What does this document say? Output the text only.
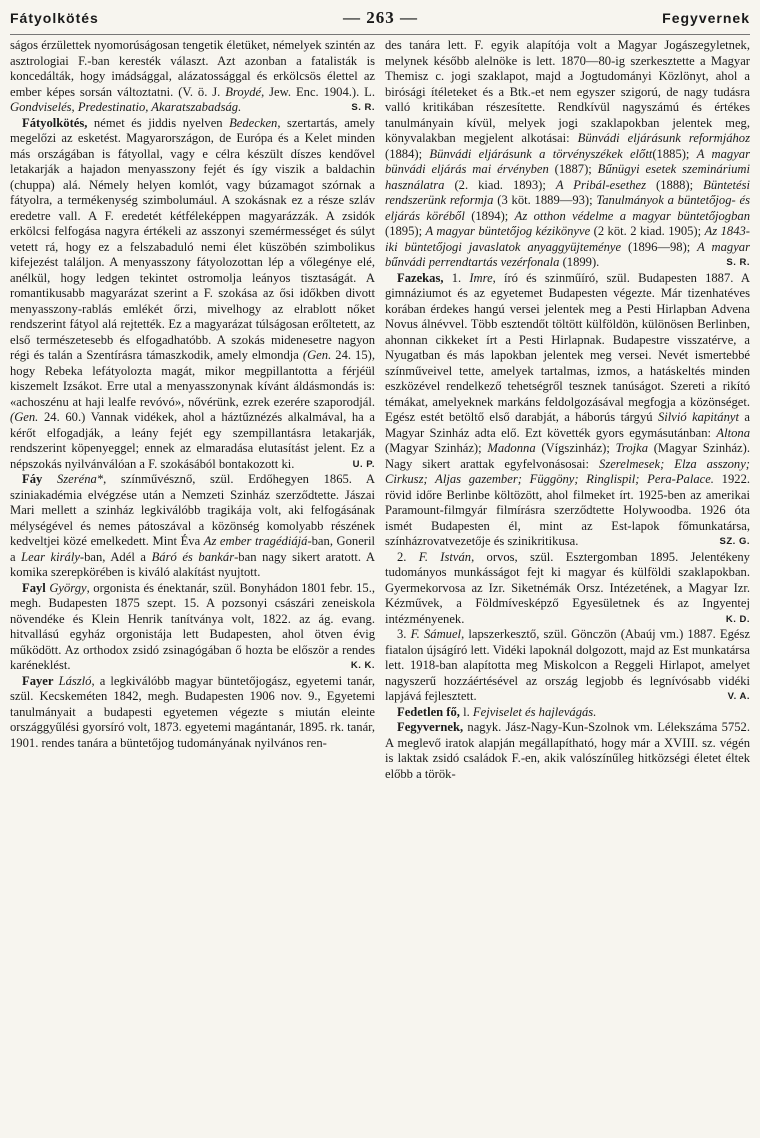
Fátyolkötés	— 263 —	Fegyvernek

ságos érzülettek nyomorúságosan tengetik életüket, némelyek szintén az asztrologiai F.-ban keresték választ. Azt azonban a fatalisták is koncedálták, hogy imádsággal, alázatossággal és erkölcsös élettel az ember képes sorsán változtatni. (V. ö. J. Broydé, Jew. Enc. 1904.). L. Gondviselés, Predestinatio, Akaratszabadság.	S. R.

Fátyolkötés, német és jiddis nyelven Bedecken, szertartás, amely megelőzi az esketést. Magyarországon, de Európa és a Kelet minden más országában is fátyollal, vagy e célra készült díszes kendővel letakarják a hajadon menyasszony fejét és így viszik a baldachin (chuppa) alá. Némely helyen komlót, vagy búzamagot szórnak a fátyolra, a termékenység szimbolumául. A szokásnak ez a része szláv eredetre vall. A F. eredetét kétféleképpen magyarázzák. A zsidók erkölcsi felfogása nagyra értékeli az asszonyi szemérmességet és súlyt vetett rá, hogy ez a felszabaduló nemi élet küszöbén szimbolikus kifejezést találjon. A menyasszony fátyolozottan lép a vőlegénye elé, anélkül, hogy ledgen tekintet ostromolja leányos tisztaságát. A romantikusabb magyarázat szerint a F. szokása az ősi időkben divott menyasszony-rablás emlékét őrzi, mivelhogy az elrablott nőket rendszerint fátyol alá rejtették. Ez a magyarázat túlságosan erőltetett, az első természetesebb és elfogadhatóbb. A szokás midenesetre nagyon régi és talán a Szentírásra támaszkodik, amely elmondja (Gen. 24. 15), hogy Rebeka lefátyolozta magát, mikor megpillantotta a férjéül kiszemelt Izsákot. Erre utal a menyasszonynak kívánt áldásmondás is: «achoszénu at haji lealfe revóvó», nővérünk, ezrek ezerére szaporodjál. (Gen. 24. 60.) Vannak vidékek, ahol a háztűznézés alkalmával, ha a kérőt elfogadják, a leány fejét egy szempillantásra letakarják, rendszerint köpenyeggel; ennek az elmaradása elutasítást jelent. Ez a népszokás nyilvánválóan a F. szokásából bontakozott ki.	U. P.

Fáy Szeréna*, színművésznő, szül. Erdőhegyen 1865. A sziniakadémia elvégzése után a Nemzeti Szinház szerződtette. Jászai Mari mellett a szinház legkiválóbb tragikája volt, aki felfogásának mélységével és nemes pátoszával a közönség komolyabb részének kedveltjei közé emelkedett. Mint Éva Az ember tragédiájá-ban, Goneril a Lear király-ban, Adél a Báró és bankár-ban nagy sikert aratott. A komika szerepkörében is kiváló alakítást nyujtott.

Fayl György, orgonista és énektanár, szül. Bonyhádon 1801 febr. 15., megh. Budapesten 1875 szept. 15. A pozsonyi császári zeneiskola növendéke és Klein Henrik tanítványa volt, 1822. az ág. evang. hitvallású egyház orgonistája lett Budapesten, ahol ötven évig működött. Az orthodox zsidó zsinagógában ő hozta be először a rendes karéneklést.	K. K.

Fayer László, a legkiválóbb magyar büntetőjogász, egyetemi tanár, szül. Kecskeméten 1842, megh. Budapesten 1906 nov. 9., Egyetemi tanulmányait a budapesti egyetemen végezte s miután eleinte országgyűlési gyorsíró volt, 1873. egyetemi magántanár, 1895. rk. tanár, 1901. rendes tanára a büntetőjog tudományának nyilvános ren-

des tanára lett. F. egyik alapítója volt a Magyar Jogászegyletnek, melynek később alelnöke is lett. 1870—80-ig szerkesztette a Magyar Themisz c. jogi szaklapot, majd a Jogtudományi Közlönyt, ahol a birósági ítéleteket és a Btk.-et nem egyszer szigorú, de nagy tudásra valló kritikában részesítette. Rendkívül nagyszámú és értékes tanulmányain kívül, melyek jogi szaklapokban jelentek meg, könyvalakban megjelent alkotásai: Bünvádi eljárásunk reformjához (1884); Bünvádi eljárásunk a törvényszékek előtt(1885); A magyar bünvádi eljárás mai érvényben (1887); Bűnügyi esetek szemináriumi használatra (2. kiad. 1893); A Pribál-esethez (1888); Büntetési rendszerünk reformja (3 köt. 1889—93); Tanulmányok a büntetőjog- és eljárás köréből (1894); Az otthon védelme a magyar büntetőjogban (1895); A magyar büntetőjog kézikönyve (2 köt. 2 kiad. 1905); Az 1843-iki büntetőjogi javaslatok anyaggyüjteménye (1896—98); A magyar bűnvádi perrendtartás vezérfonala (1899).	S. R.

Fazekas, 1. Imre, író és szinműíró, szül. Budapesten 1887. A gimnáziumot és az egyetemet Budapesten végezte. Már tizenhatéves korában érdekes hangú versei jelentek meg a Pesti Hirlapban Advena Novus álnévvel. Több esztendőt töltött külföldön, különösen Berlinben, ahonnan cikkeket írt a Pesti Hirlapnak. Budapestre visszatérve, a Nyugatban és más lapokban jelentek meg versei. Nevét ismertebbé színműveivel tette, amelyek tartalmas, izmos, a hatáskeltés minden eszközével rendelkező tehetségről tesznek tanúságot. Szereti a rikító témákat, amelyeknek markáns feldolgozásával megfogja a közönséget. Egész estét betöltő első darabját, a háborús tárgyú Silvió kapitányt a Magyar Szinház adta elő. Ezt követték gyors egymásutánban: Altona (Magyar Szinház); Madonna (Vígszinház); Trojka (Magyar Szinház). Nagy sikert arattak egyfelvonásosai: Szerelmesek; Elza asszony; Cirkusz; Aljas gazember; Függöny; Ringlispil; Pera-Palace. 1922. rövid időre Berlinbe költözött, ahol filmeket írt. 1925-ben az amerikai Paramount-filmgyár filmírásra szerződtette Holywoodba. 1926 óta ismét Budapesten él, mint az Est-lapok főmunkatársa, színházrovatvezetője és szinikritikusa.	SZ. G.

2. F. István, orvos, szül. Esztergomban 1895. Jelentékeny tudományos munkásságot fejt ki magyar és külföldi szaklapokban. Gyermekorvosa az Izr. Siketnémák Orsz. Intézetének, a Magyar Izr. Kézművek, a Földmívesképző Egyesületnek és az Ingyentej intézményenek.	K. D.

3. F. Sámuel, lapszerkesztő, szül. Gönczön (Abaúj vm.) 1887. Egész fiatalon újságíró lett. Vidéki lapoknál dolgozott, majd az Est munkatársa lett. 1918-ban alapította meg Miskolcon a Reggeli Hirlapot, amelyet nagyszerű hozzáértésével az ország legjobb és legnívósabb vidéki lapjává fejlesztett.	V. A.

Fedetlen fő, l. Fejviselet és hajlevágás.

Fegyvernek, nagyk. Jász-Nagy-Kun-Szolnok vm. Lélekszáma 5752. A meglevő iratok alapján megállapítható, hogy már a XVIII. sz. végén is laktak zsidó családok F.-en, akik valószínűleg hitközségi életet éltek előbb a török-
